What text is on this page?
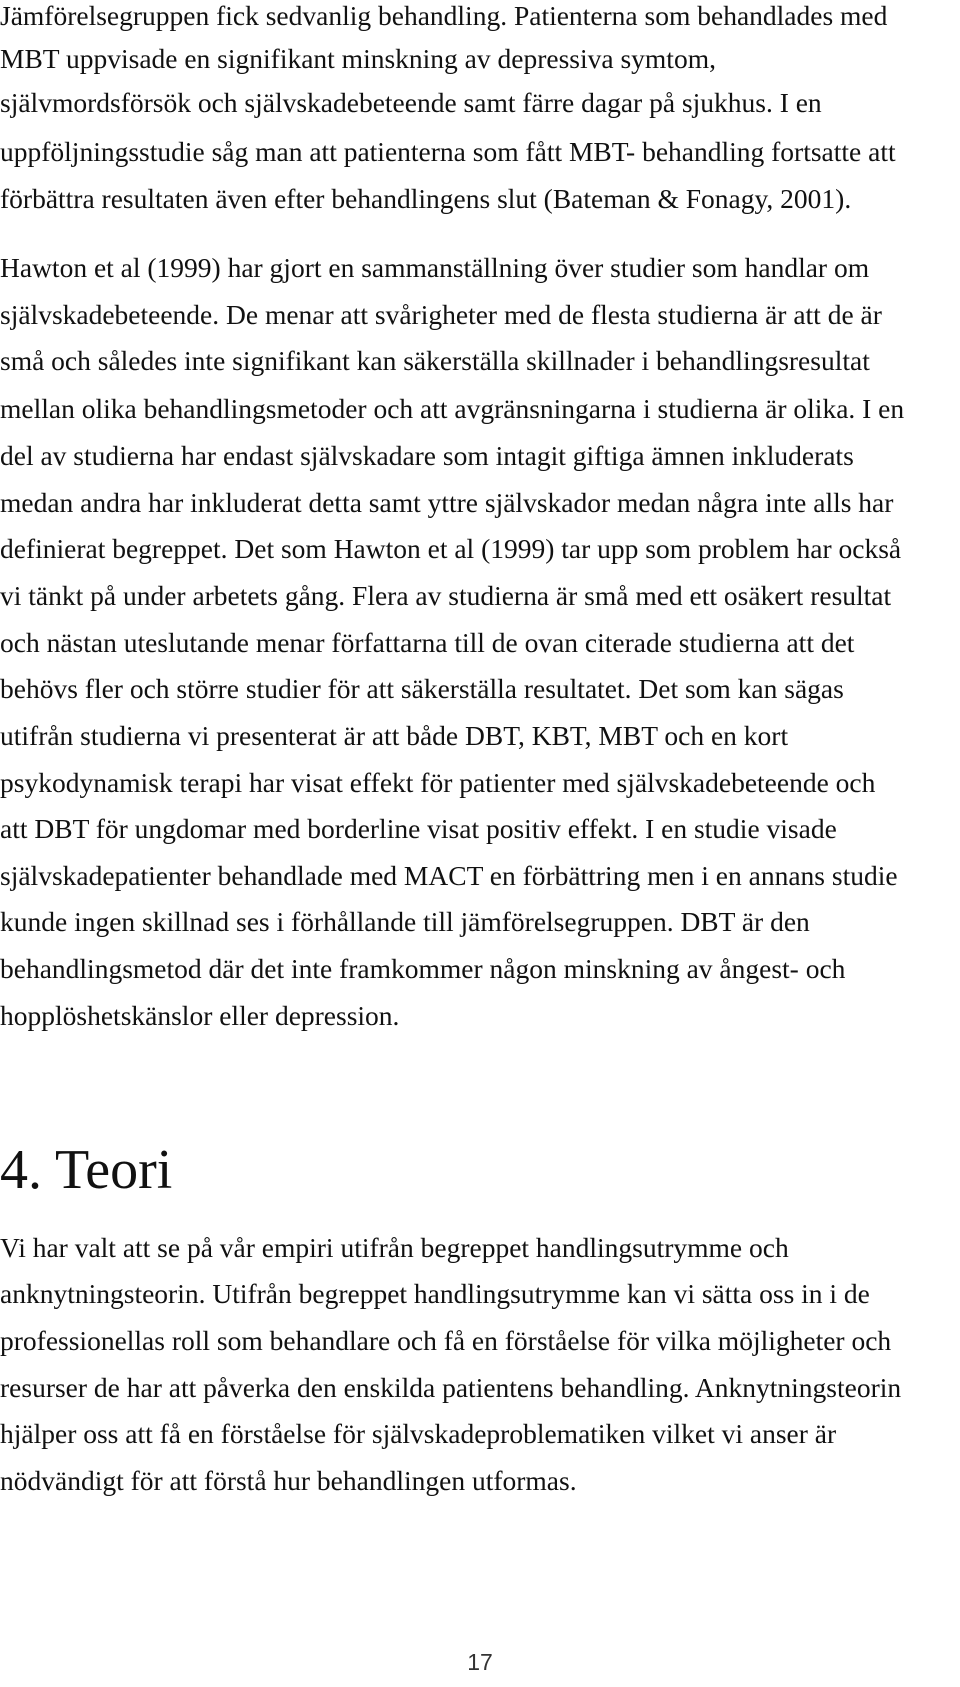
Jämförelsegruppen fick sedvanlig behandling. Patienterna som behandlades med
MBT uppvisade en signifikant minskning av depressiva symtom,
självmordsförsök och självskadebeteende samt färre dagar på sjukhus. I en
uppföljningsstudie såg man att patienterna som fått MBT- behandling fortsatte att
förbättra resultaten även efter behandlingens slut (Bateman & Fonagy, 2001).
Hawton et al (1999) har gjort en sammanställning över studier som handlar om
självskadebeteende. De menar att svårigheter med de flesta studierna är att de är
små och således inte signifikant kan säkerställa skillnader i behandlingsresultat
mellan olika behandlingsmetoder och att avgränsningarna i studierna är olika. I en
del av studierna har endast självskadare som intagit giftiga ämnen inkluderats
medan andra har inkluderat detta samt yttre självskador medan några inte alls har
definierat begreppet. Det som Hawton et al (1999) tar upp som problem har också
vi tänkt på under arbetets gång. Flera av studierna är små med ett osäkert resultat
och nästan uteslutande menar författarna till de ovan citerade studierna att det
behövs fler och större studier för att säkerställa resultatet. Det som kan sägas
utifrån studierna vi presenterat är att både DBT, KBT, MBT och en kort
psykodynamisk terapi har visat effekt för patienter med självskadebeteende och
att DBT för ungdomar med borderline visat positiv effekt. I en studie visade
självskadepatienter behandlade med MACT en förbättring men i en annans studie
kunde ingen skillnad ses i förhållande till jämförelsegruppen. DBT är den
behandlingsmetod där det inte framkommer någon minskning av ångest- och
hopplöshetskänslor eller depression.
4. Teori
Vi har valt att se på vår empiri utifrån begreppet handlingsutrymme och
anknytningsteorin. Utifrån begreppet handlingsutrymme kan vi sätta oss in i de
professionellas roll som behandlare och få en förståelse för vilka möjligheter och
resurser de har att påverka den enskilda patientens behandling. Anknytningsteorin
hjälper oss att få en förståelse för självskadeproblematiken vilket vi anser är
nödvändigt för att förstå hur behandlingen utformas.
17
